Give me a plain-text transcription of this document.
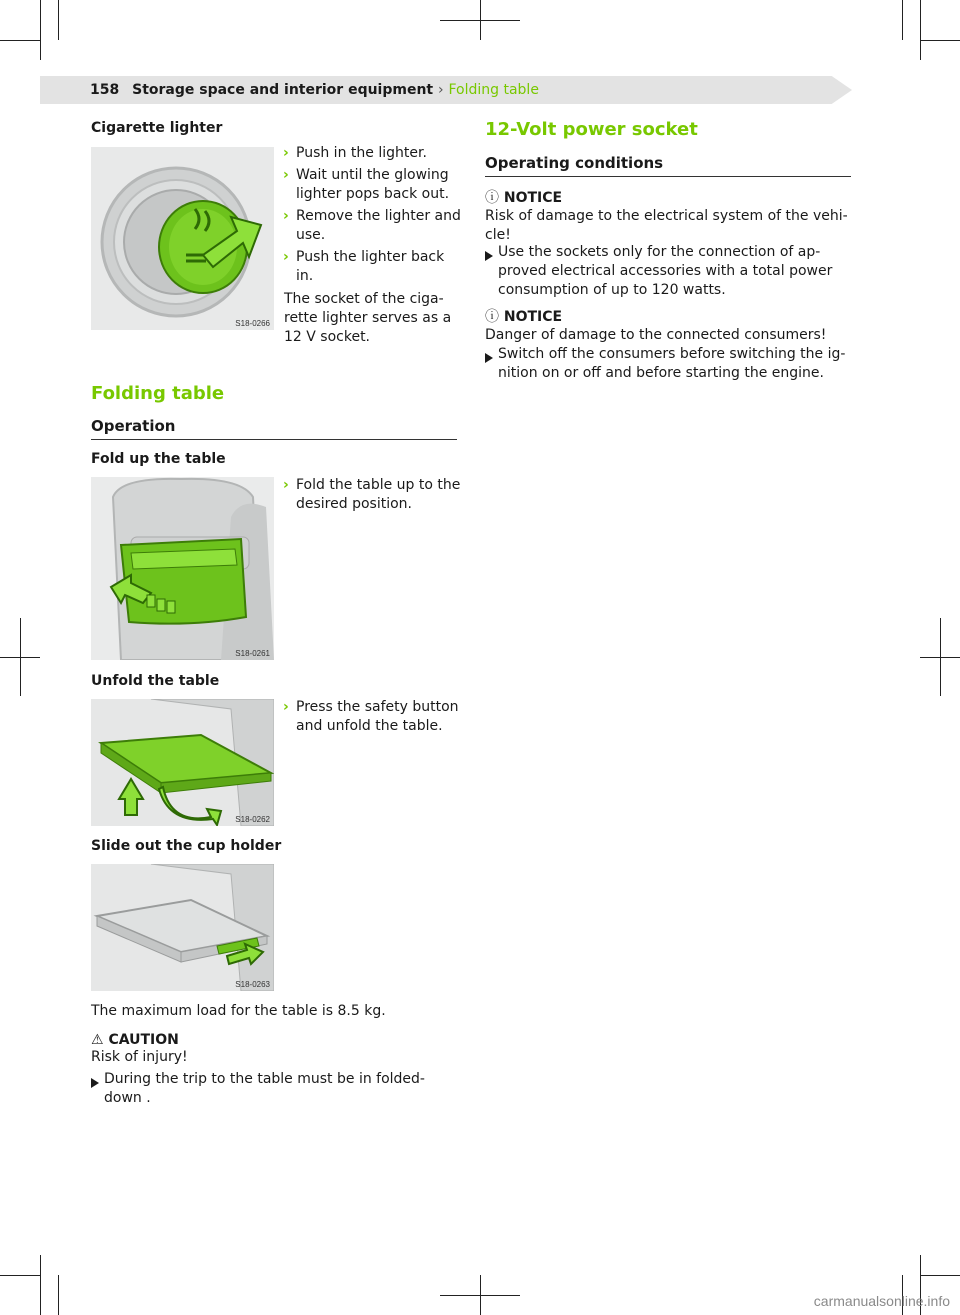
158 Storage space and interior equipment › Folding table
Cigarette lighter
S18-0266
› Push in the lighter.
› Wait until the glowing lighter pops back out.
› Remove the lighter and use.
› Push the lighter back in.
The socket of the ciga-rette lighter serves as a 12 V socket.
Folding table
Operation
Fold up the table
S18-0261
› Fold the table up to the desired position.
Unfold the table
S18-0262
› Press the safety button and unfold the table.
Slide out the cup holder
S18-0263
The maximum load for the table is 8.5 kg.
⚠ CAUTION
Risk of injury!
During the trip to the table must be in folded-down .
12-Volt power socket
Operating conditions
ⓘ NOTICE
Risk of damage to the electrical system of the vehi-cle!
Use the sockets only for the connection of ap-proved electrical accessories with a total power consumption of up to 120 watts.
ⓘ NOTICE
Danger of damage to the connected consumers!
Switch off the consumers before switching the ig-nition on or off and before starting the engine.
carmanualsonline.info
